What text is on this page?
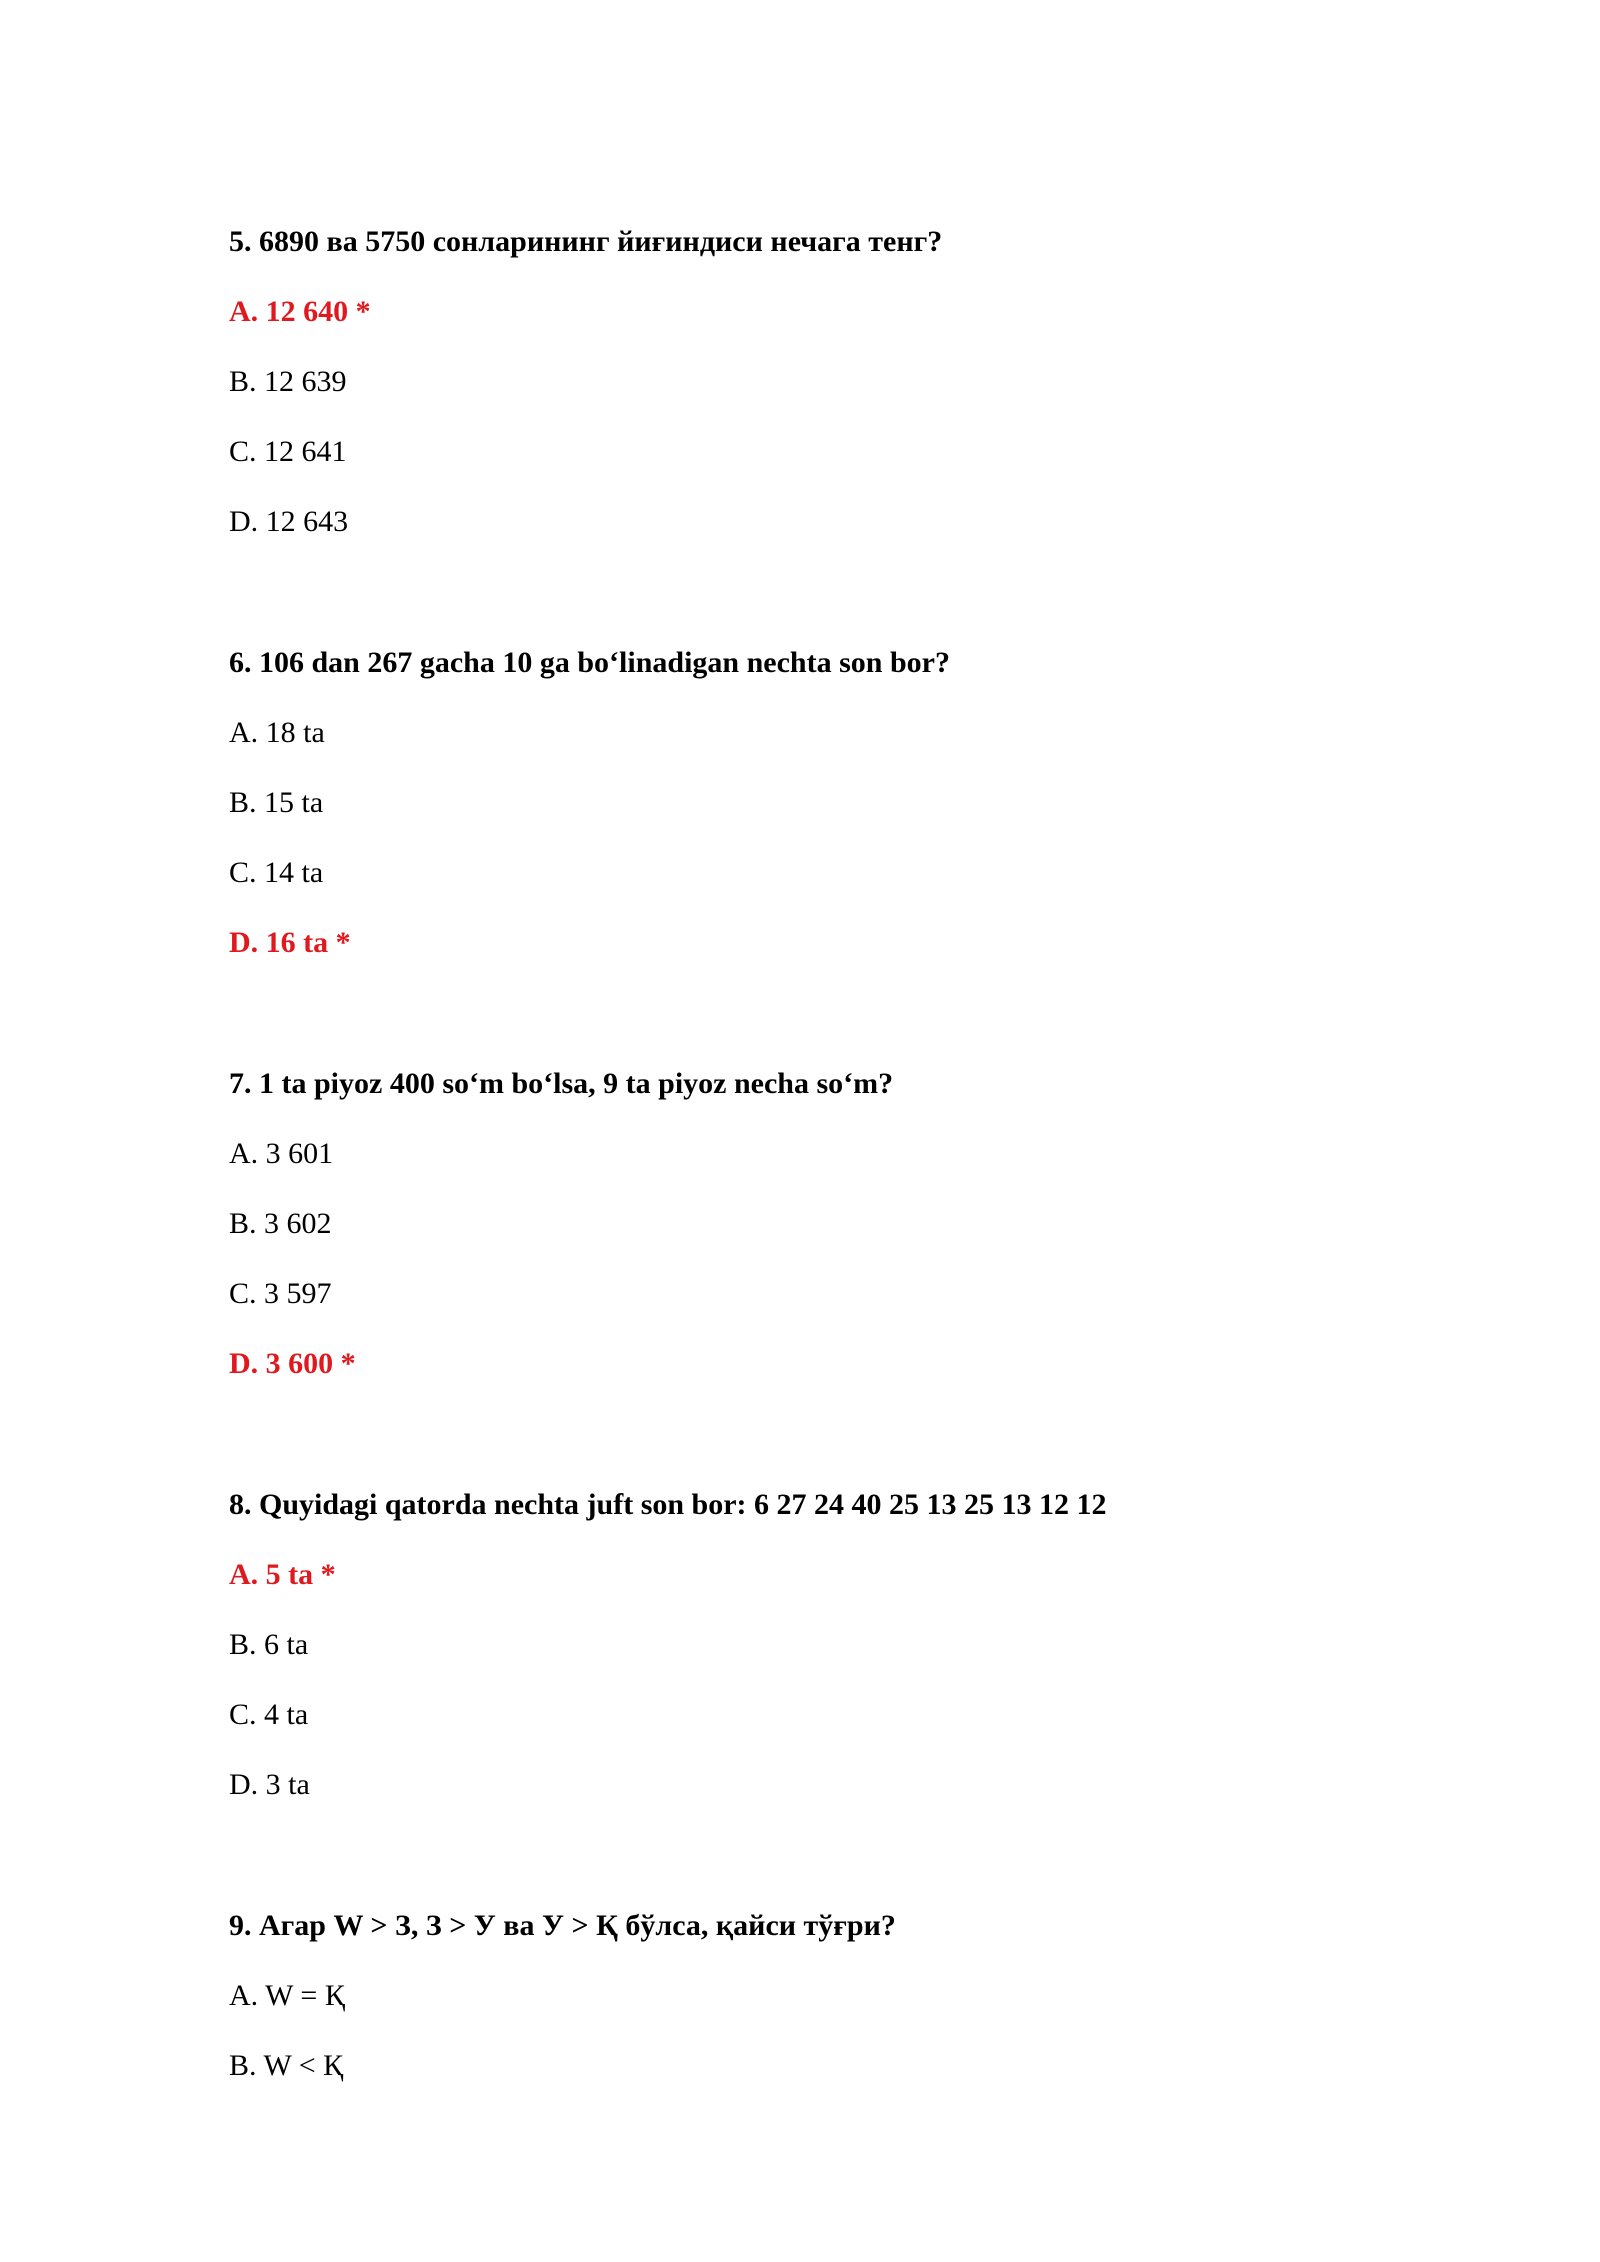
5. 6890 ва 5750 сонларининг йиғиндиси нечага тенг?
A. 12 640 *
B. 12 639
C. 12 641
D. 12 643
6. 106 dan 267 gacha 10 ga bo‘linadigan nechta son bor?
A. 18 ta
B. 15 ta
C. 14 ta
D. 16 ta *
7. 1 ta piyoz 400 so‘m bo‘lsa, 9 ta piyoz necha so‘m?
A. 3 601
B. 3 602
C. 3 597
D. 3 600 *
8. Quyidagi qatorda nechta juft son bor: 6 27 24 40 25 13 25 13 12 12
A. 5 ta *
B. 6 ta
C. 4 ta
D. 3 ta
9. Агар W > З, З > У ва У > Қ бўлса, қайси тўғри?
A. W = Қ
B. W < Қ
